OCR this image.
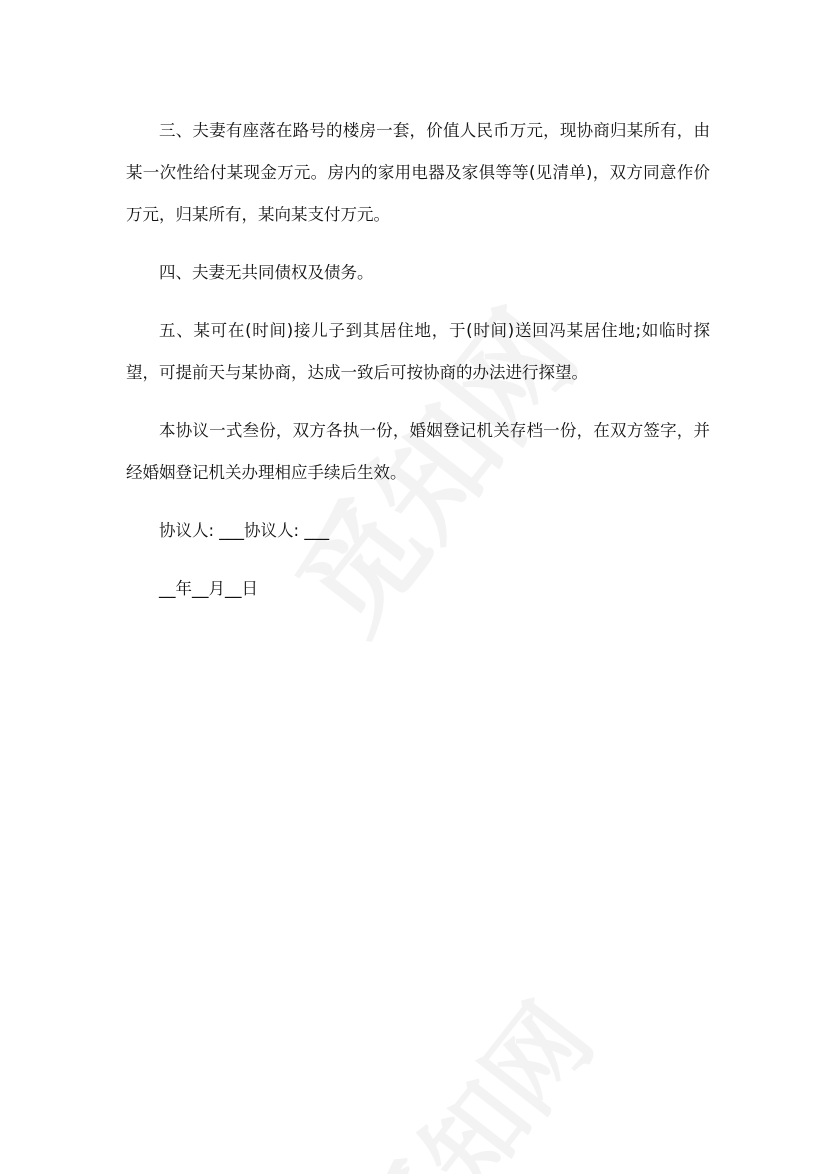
三、夫妻有座落在路号的楼房一套，价值人民币万元，现协商归某所有，由某一次性给付某现金万元。房内的家用电器及家俱等等(见清单)，双方同意作价万元，归某所有，某向某支付万元。

四、夫妻无共同债权及债务。

五、某可在(时间)接儿子到其居住地，于(时间)送回冯某居住地;如临时探望，可提前天与某协商，达成一致后可按协商的办法进行探望。

本协议一式叁份，双方各执一份，婚姻登记机关存档一份，在双方签字，并经婚姻登记机关办理相应手续后生效。

协议人: ___协议人: ___

__年__月__日
